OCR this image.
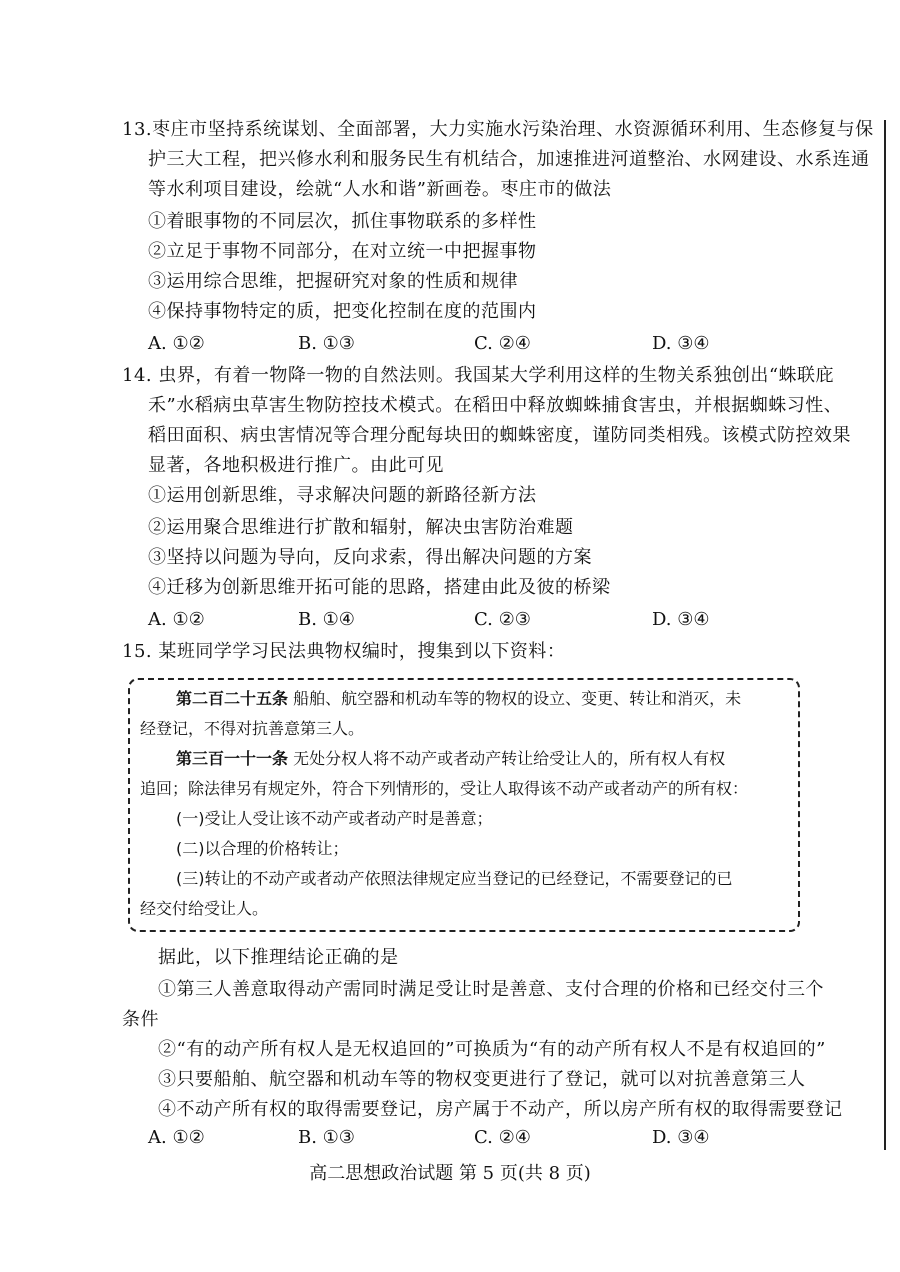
13.枣庄市坚持系统谋划、全面部署，大力实施水污染治理、水资源循环利用、生态修复与保
护三大工程，把兴修水利和服务民生有机结合，加速推进河道整治、水网建设、水系连通
等水利项目建设，绘就“人水和谐”新画卷。枣庄市的做法
①着眼事物的不同层次，抓住事物联系的多样性
②立足于事物不同部分，在对立统一中把握事物
③运用综合思维，把握研究对象的性质和规律
④保持事物特定的质，把变化控制在度的范围内
A. ①②	B. ①③	C. ②④	D. ③④
14. 虫界，有着一物降一物的自然法则。我国某大学利用这样的生物关系独创出“蛛联庇
禾”水稻病虫草害生物防控技术模式。在稻田中释放蜘蛛捕食害虫，并根据蜘蛛习性、
稻田面积、病虫害情况等合理分配每块田的蜘蛛密度，谨防同类相残。该模式防控效果
显著，各地积极进行推广。由此可见
①运用创新思维，寻求解决问题的新路径新方法
②运用聚合思维进行扩散和辐射，解决虫害防治难题
③坚持以问题为导向，反向求索，得出解决问题的方案
④迁移为创新思维开拓可能的思路，搭建由此及彼的桥梁
A. ①②	B. ①④	C. ②③	D. ③④
15. 某班同学学习民法典物权编时，搜集到以下资料：
第二百二十五条 船舶、航空器和机动车等的物权的设立、变更、转让和消灭，未
经登记，不得对抗善意第三人。
第三百一十一条 无处分权人将不动产或者动产转让给受让人的，所有权人有权
追回；除法律另有规定外，符合下列情形的，受让人取得该不动产或者动产的所有权：
(一)受让人受让该不动产或者动产时是善意；
(二)以合理的价格转让；
(三)转让的不动产或者动产依照法律规定应当登记的已经登记，不需要登记的已
经交付给受让人。
据此，以下推理结论正确的是
①第三人善意取得动产需同时满足受让时是善意、支付合理的价格和已经交付三个
条件
②“有的动产所有权人是无权追回的”可换质为“有的动产所有权人不是有权追回的”
③只要船舶、航空器和机动车等的物权变更进行了登记，就可以对抗善意第三人
④不动产所有权的取得需要登记，房产属于不动产，所以房产所有权的取得需要登记
A. ①②	B. ①③	C. ②④	D. ③④
高二思想政治试题 第 5 页(共 8 页)
